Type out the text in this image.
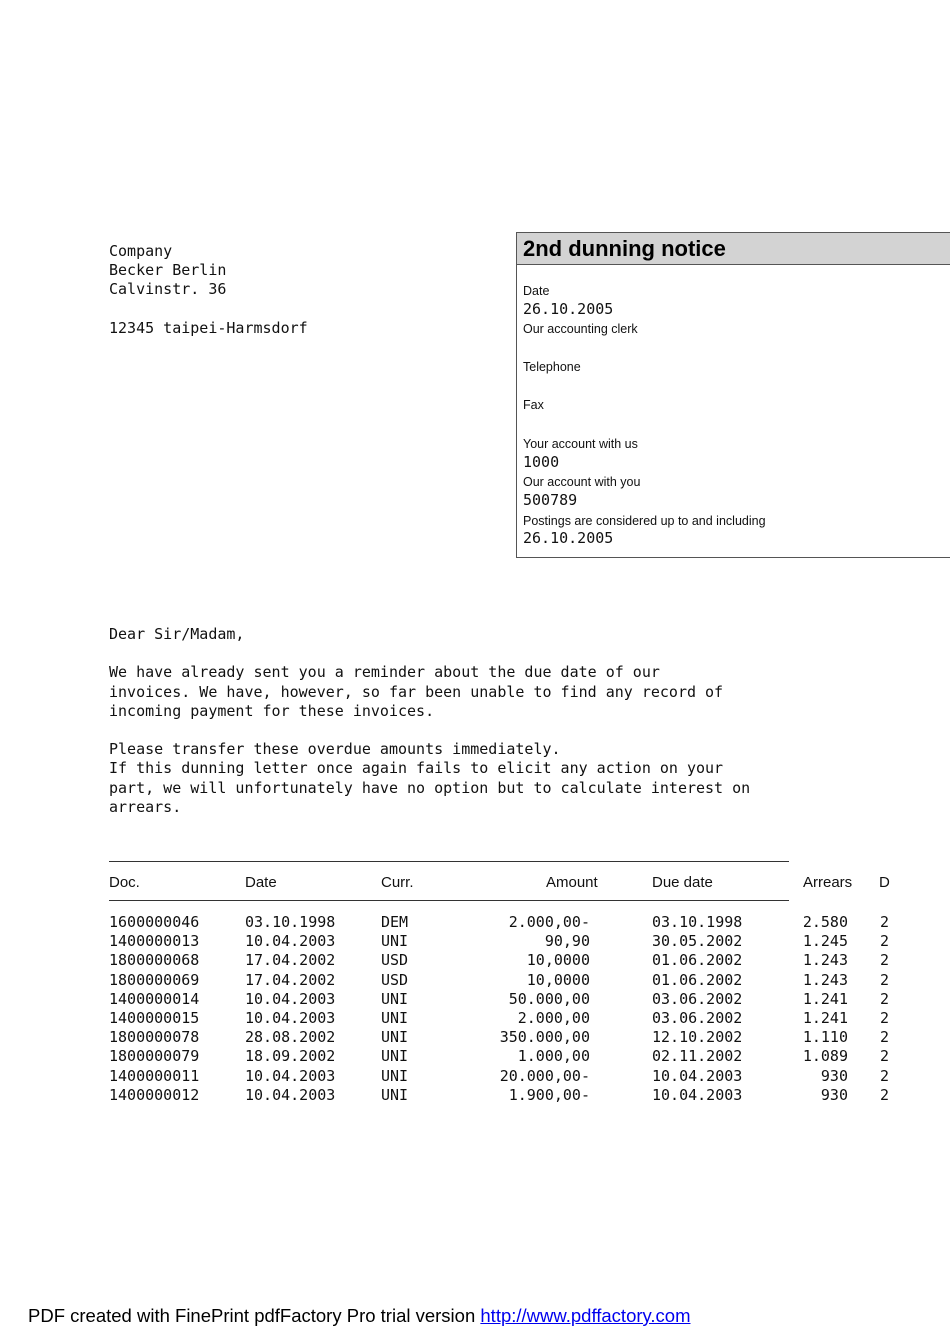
Company
Becker Berlin
Calvinstr. 36
12345 taipei-Harmsdorf
2nd dunning notice
Date
26.10.2005
Our accounting clerk
Telephone
Fax
Your account with us
1000
Our account with you
500789
Postings are considered up to and including
26.10.2005

Dear Sir/Madam,

We have already sent you a reminder about the due date of our

invoices. We have, however, so far been unable to find any record of

incoming payment for these invoices.

Please transfer these overdue amounts immediately.

If this dunning letter once again fails to elicit any action on your

part, we will unfortunately have no option but to calculate interest on

arrears.

Doc.	Date	Curr.	Amount	Due date	Arrears D
1600000046	03.10.1998	DEM	2.000,00-	03.10.1998	2.580 2
1400000013	10.04.2003	UNI	90,90	30.05.2002	1.245 2
1800000068	17.04.2002	USD	10,0000	01.06.2002	1.243 2
1800000069	17.04.2002	USD	10,0000	01.06.2002	1.243 2
1400000014	10.04.2003	UNI	50.000,00	03.06.2002	1.241 2
1400000015	10.04.2003	UNI	2.000,00	03.06.2002	1.241 2
1800000078	28.08.2002	UNI	350.000,00	12.10.2002	1.110 2
1800000079	18.09.2002	UNI	1.000,00	02.11.2002	1.089 2
1400000011	10.04.2003	UNI	20.000,00-	10.04.2003	930 2
1400000012	10.04.2003	UNI	1.900,00-	10.04.2003	930 2
PDF created with FinePrint pdfFactory Pro trial version http://www.pdffactory.com
